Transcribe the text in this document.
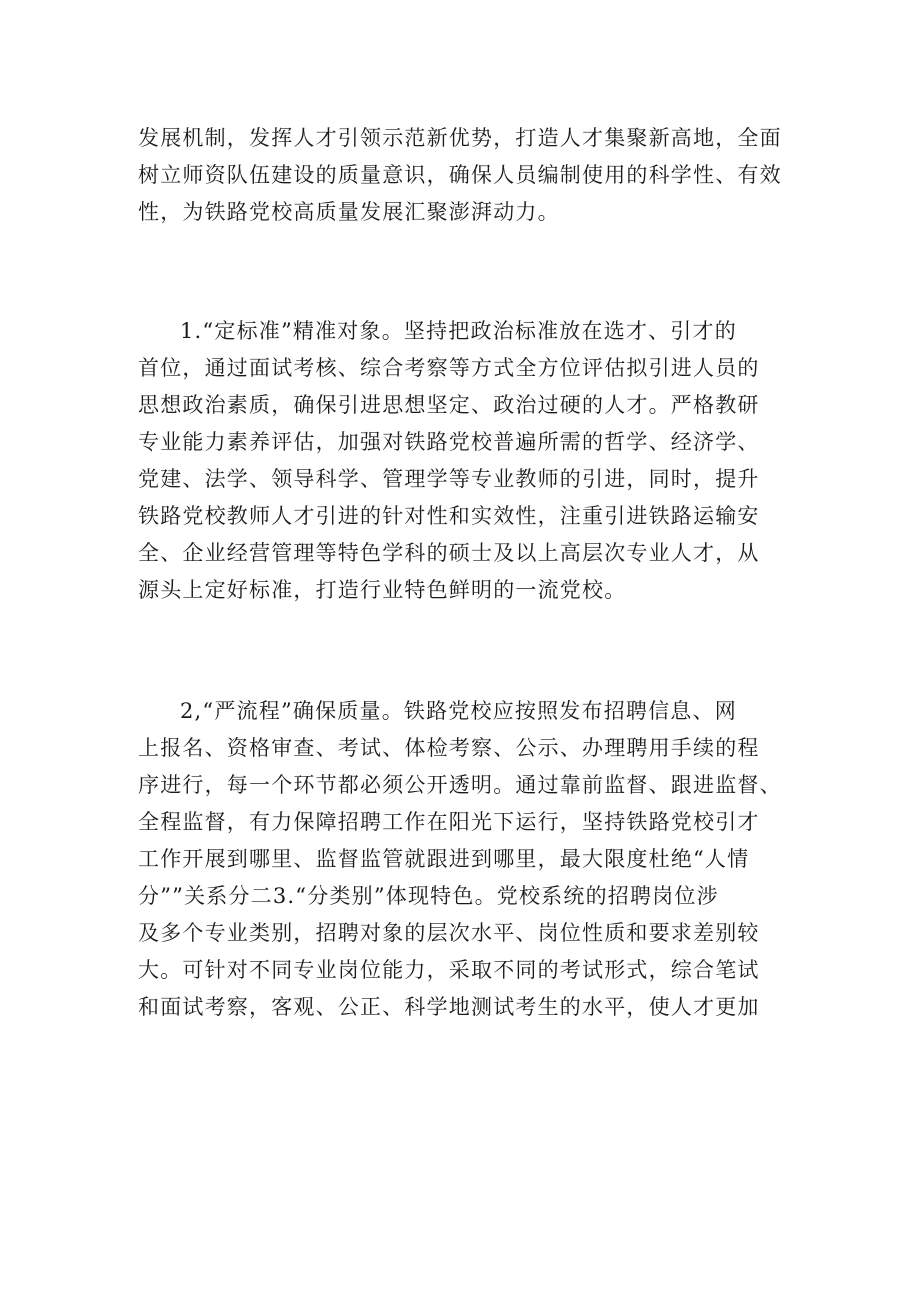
发展机制，发挥人才引领示范新优势，打造人才集聚新高地，全面
树立师资队伍建设的质量意识，确保人员编制使用的科学性、有效
性，为铁路党校高质量发展汇聚澎湃动力。
1.“定标准”精准对象。坚持把政治标准放在选才、引才的
首位，通过面试考核、综合考察等方式全方位评估拟引进人员的
思想政治素质，确保引进思想坚定、政治过硬的人才。严格教研
专业能力素养评估，加强对铁路党校普遍所需的哲学、经济学、
党建、法学、领导科学、管理学等专业教师的引进，同时，提升
铁路党校教师人才引进的针对性和实效性，注重引进铁路运输安
全、企业经营管理等特色学科的硕士及以上高层次专业人才，从
源头上定好标准，打造行业特色鲜明的一流党校。
2,“严流程”确保质量。铁路党校应按照发布招聘信息、网
上报名、资格审查、考试、体检考察、公示、办理聘用手续的程
序进行，每一个环节都必须公开透明。通过靠前监督、跟进监督、
全程监督，有力保障招聘工作在阳光下运行，坚持铁路党校引才
工作开展到哪里、监督监管就跟进到哪里，最大限度杜绝“人情
分””关系分二3.“分类别”体现特色。党校系统的招聘岗位涉
及多个专业类别，招聘对象的层次水平、岗位性质和要求差别较
大。可针对不同专业岗位能力，采取不同的考试形式，综合笔试
和面试考察，客观、公正、科学地测试考生的水平，使人才更加
